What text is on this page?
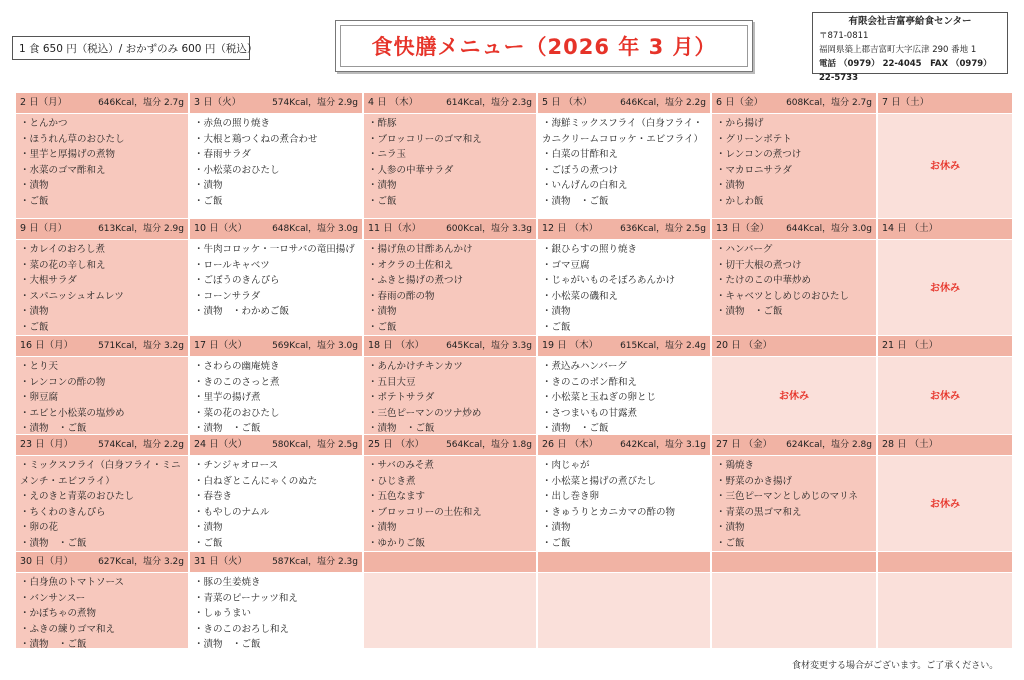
1 食 650 円（税込）/ おかずのみ 600 円（税込）	食快膳メニュー（2026 年 3 月）
有限会社吉富亭給食センター
〒871-0811
福岡県築上郡吉富町大字広津 290 番地 1
電話 （0979） 22-4045　FAX （0979） 22-5733
2 日（月）	646Kcal，塩分 2.7g
・とんかつ
・ほうれん草のおひたし
・里芋と厚揚げの煮物
・水菜のゴマ酢和え
・漬物
・ご飯
3 日（火）	574Kcal，塩分 2.9g
・赤魚の照り焼き
・大根と鶏つくねの煮合わせ
・春雨サラダ
・小松菜のおひたし
・漬物
・ご飯
4 日 （木）	614Kcal，塩分 2.3g
・酢豚
・ブロッコリーのゴマ和え
・ニラ玉
・人参の中華サラダ
・漬物
・ご飯
5 日 （木）	646Kcal，塩分 2.2g
・海鮮ミックスフライ（白身フライ・カニクリームコロッケ・エビフライ）
・白菜の甘酢和え
・ごぼうの煮つけ
・いんげんの白和え
・漬物　・ご飯
6 日（金）	608Kcal，塩分 2.7g
・から揚げ
・グリーンポテト
・レンコンの煮つけ
・マカロニサラダ
・漬物
・かしわ飯
7 日（土）
お休み
9 日（月）	613Kcal，塩分 2.9g
・カレイのおろし煮
・菜の花の辛し和え
・大根サラダ
・スパニッシュオムレツ
・漬物
・ご飯
10 日（火）	648Kcal，塩分 3.0g
・牛肉コロッケ・一ロサバの竜田揚げ
・ロールキャベツ
・ごぼうのきんぴら
・コーンサラダ
・漬物　・わかめご飯
11 日（水）	600Kcal，塩分 3.3g
・揚げ魚の甘酢あんかけ
・オクラの土佐和え
・ふきと揚げの煮つけ
・春雨の酢の物
・漬物
・ご飯
12 日 （木） 636Kcal，塩分 2.5g
・銀ひらすの照り焼き
・ゴマ豆腐
・じゃがいものそぼろあんかけ
・小松菜の磯和え
・漬物
・ご飯
13 日（金） 644Kcal，塩分 3.0g
・ハンバーグ
・切干大根の煮つけ
・たけのこの中華炒め
・キャベツとしめじのおひたし
・漬物　・ご飯
14 日 （土）
お休み
16 日（月）	571Kcal，塩分 3.2g
・とり天
・レンコンの酢の物
・卵豆腐
・エビと小松菜の塩炒め
・漬物　・ご飯
17 日（火）	569Kcal，塩分 3.0g
・さわらの幽庵焼き
・きのこのさっと煮
・里芋の揚げ煮
・菜の花のおひたし
・漬物　・ご飯
18 日 （水） 645Kcal，塩分 3.3g
・あんかけチキンカツ
・五目大豆
・ポテトサラダ
・三色ピーマンのツナ炒め
・漬物　・ご飯
19 日 （木） 615Kcal，塩分 2.4g
・煮込みハンバーグ
・きのこのポン酢和え
・小松菜と玉ねぎの卵とじ
・さつまいもの甘露煮
・漬物　・ご飯
20 日 （金）
お休み
21 日 （土）
お休み
23 日（月）	574Kcal，塩分 2.2g
・ミックスフライ（白身フライ・ミニメンチ・エビフライ）
・えのきと青菜のおひたし
・ちくわのきんぴら
・卵の花
・漬物　・ご飯
24 日（火）	580Kcal，塩分 2.5g
・チンジャオロース
・白ねぎとこんにゃくのぬた
・春巻き
・もやしのナムル
・漬物
・ご飯
25 日 （水） 564Kcal，塩分 1.8g
・サバのみそ煮
・ひじき煮
・五色なます
・ブロッコリーの土佐和え
・漬物
・ゆかりご飯
26 日 （木） 642Kcal，塩分 3.1g
・肉じゃが
・小松菜と揚げの煮びたし
・出し巻き卵
・きゅうりとカニカマの酢の物
・漬物
・ご飯
27 日 （金） 624Kcal，塩分 2.8g
・鶏焼き
・野菜のかき揚げ
・三色ピーマンとしめじのマリネ
・青菜の黒ゴマ和え
・漬物
・ご飯
28 日 （土）
お休み
30 日（月）	627Kcal，塩分 3.2g
・白身魚のトマトソース
・バンサンスー
・かぼちゃの煮物
・ふきの練りゴマ和え
・漬物　・ご飯
31 日（火）	587Kcal，塩分 2.3g
・豚の生姜焼き
・青菜のピーナッツ和え
・しゅうまい
・きのこのおろし和え
・漬物　・ご飯
食材変更する場合がございます。ご了承ください。
